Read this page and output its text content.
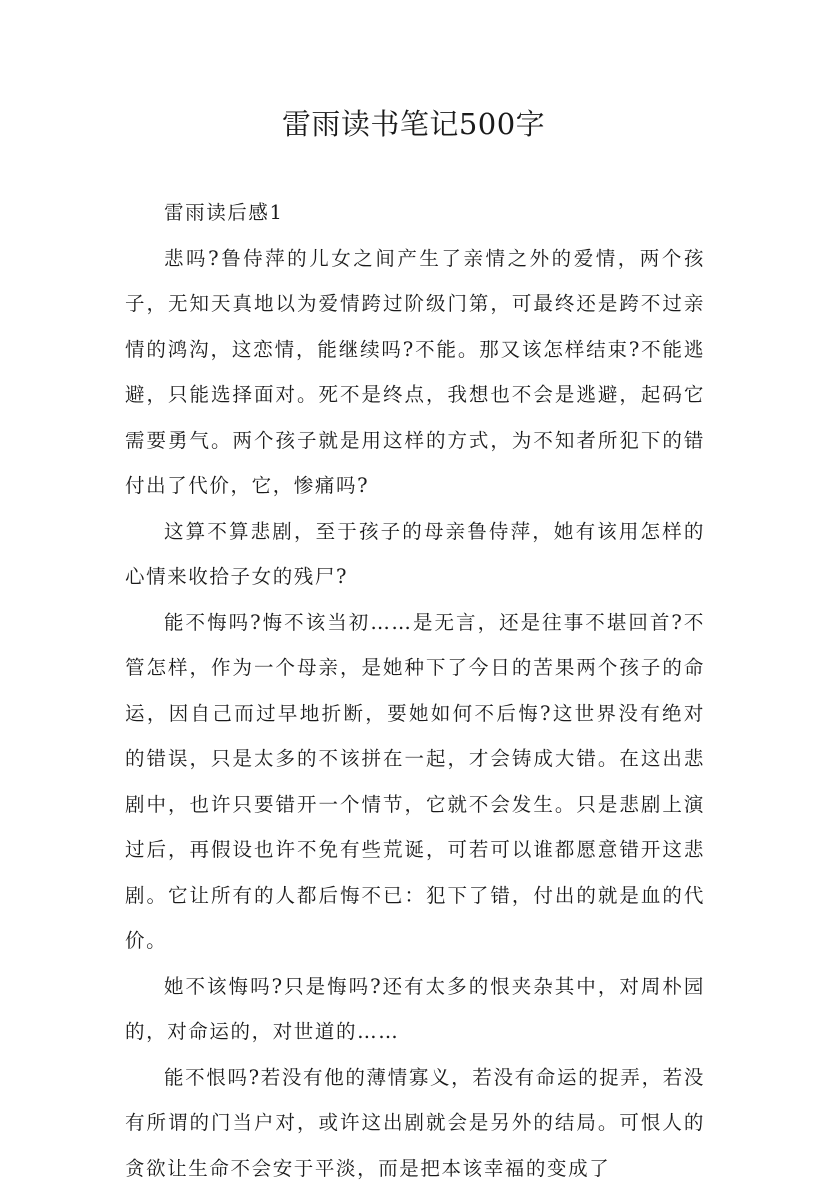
雷雨读书笔记500字

雷雨读后感1

悲吗?鲁侍萍的儿女之间产生了亲情之外的爱情，两个孩子，无知天真地以为爱情跨过阶级门第，可最终还是跨不过亲情的鸿沟，这恋情，能继续吗?不能。那又该怎样结束?不能逃避，只能选择面对。死不是终点，我想也不会是逃避，起码它需要勇气。两个孩子就是用这样的方式，为不知者所犯下的错付出了代价，它，惨痛吗?

这算不算悲剧，至于孩子的母亲鲁侍萍，她有该用怎样的心情来收拾子女的残尸?

能不悔吗?悔不该当初……是无言，还是往事不堪回首?不管怎样，作为一个母亲，是她种下了今日的苦果两个孩子的命运，因自己而过早地折断，要她如何不后悔?这世界没有绝对的错误，只是太多的不该拼在一起，才会铸成大错。在这出悲剧中，也许只要错开一个情节，它就不会发生。只是悲剧上演过后，再假设也许不免有些荒诞，可若可以谁都愿意错开这悲剧。它让所有的人都后悔不已：犯下了错，付出的就是血的代价。

她不该悔吗?只是悔吗?还有太多的恨夹杂其中，对周朴园的，对命运的，对世道的……

能不恨吗?若没有他的薄情寡义，若没有命运的捉弄，若没有所谓的门当户对，或许这出剧就会是另外的结局。可恨人的贪欲让生命不会安于平淡，而是把本该幸福的变成了
